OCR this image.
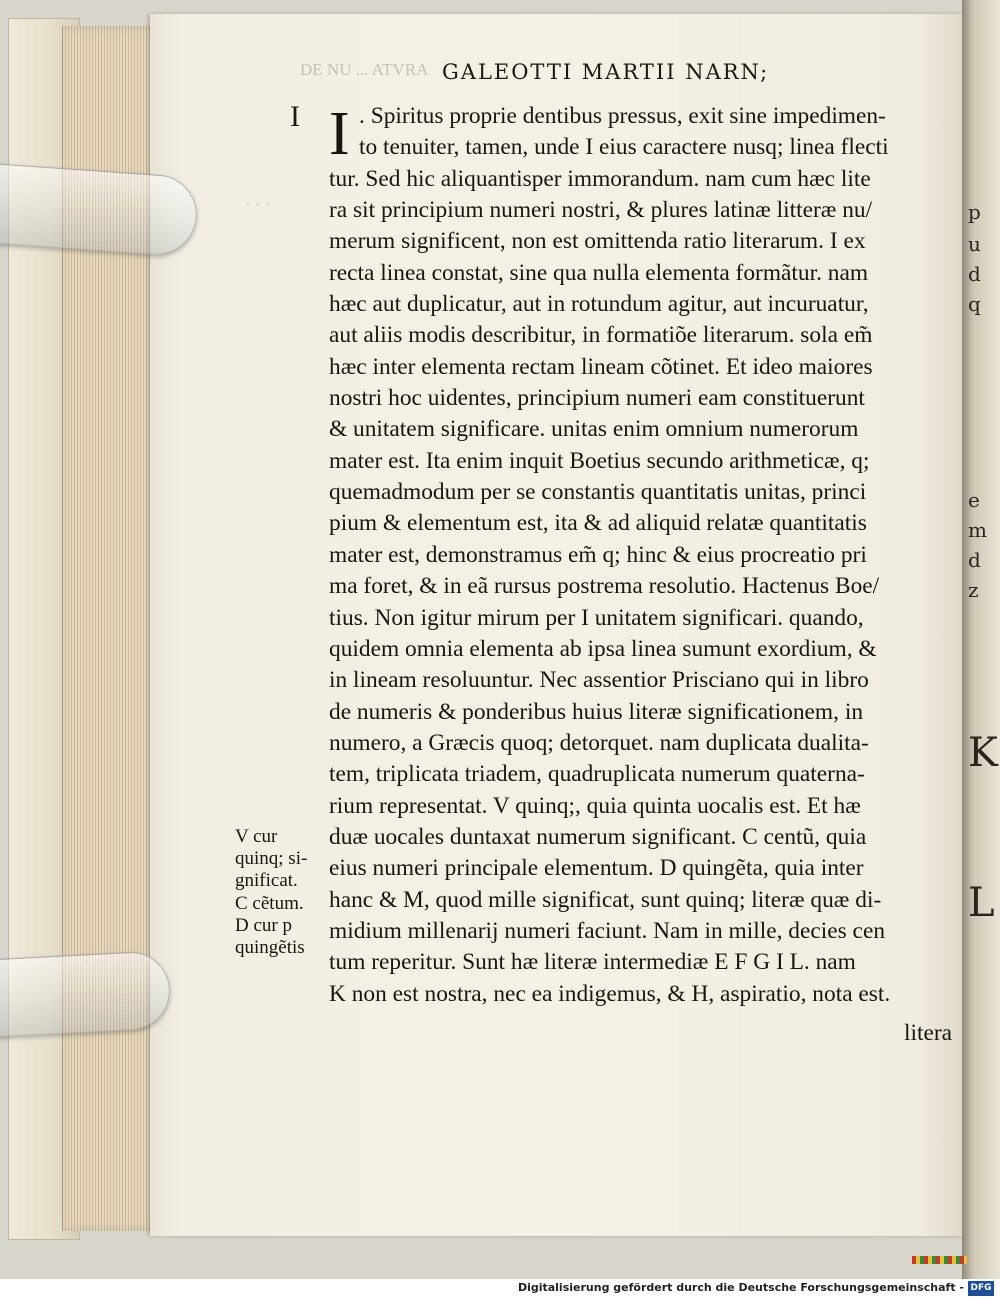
p
u
d
q
e
m
d
z
K
L
DE NU ... ATVRA
· · ·
GALEOTTI MARTII NARN;
I I . Spiritus proprie dentibus pressus, exit sine impedimen-
to tenuiter, tamen, unde I eius caractere nusq; linea flecti
tur. Sed hic aliquantisper immorandum. nam cum hæc lite
ra sit principium numeri nostri, & plures latinæ litteræ nu/
merum significent, non est omittenda ratio literarum. I ex
recta linea constat, sine qua nulla elementa formãtur. nam
hæc aut duplicatur, aut in rotundum agitur, aut incuruatur,
aut aliis modis describitur, in formatiõe literarum. sola em̃
hæc inter elementa rectam lineam cõtinet. Et ideo maiores
nostri hoc uidentes, principium numeri eam constituerunt
& unitatem significare. unitas enim omnium numerorum
mater est. Ita enim inquit Boetius secundo arithmeticæ, q;
quemadmodum per se constantis quantitatis unitas, princi
pium & elementum est, ita & ad aliquid relatæ quantitatis
mater est, demonstramus em̃ q; hinc & eius procreatio pri
ma foret, & in eã rursus postrema resolutio. Hactenus Boe/
tius. Non igitur mirum per I unitatem significari. quando,
quidem omnia elementa ab ipsa linea sumunt exordium, &
in lineam resoluuntur. Nec assentior Prisciano qui in libro
de numeris & ponderibus huius literæ significationem, in
numero, a Græcis quoq; detorquet. nam duplicata dualita-
tem, triplicata triadem, quadruplicata numerum quaterna-
rium representat. V quinq;, quia quinta uocalis est. Et hæ
duæ uocales duntaxat numerum significant. C centũ, quia
eius numeri principale elementum. D quingẽta, quia inter
hanc & M, quod mille significat, sunt quinq; literæ quæ di-
midium millenarij numeri faciunt. Nam in mille, decies cen
tum reperitur. Sunt hæ literæ intermediæ E F G I L. nam
K non est nostra, nec ea indigemus, & H, aspiratio, nota est.
litera
V cur
quinq; si-
gnificat.
C cẽtum.
D cur p
quingẽtis
Digitalisierung gefördert durch die Deutsche Forschungsgemeinschaft - DFG
